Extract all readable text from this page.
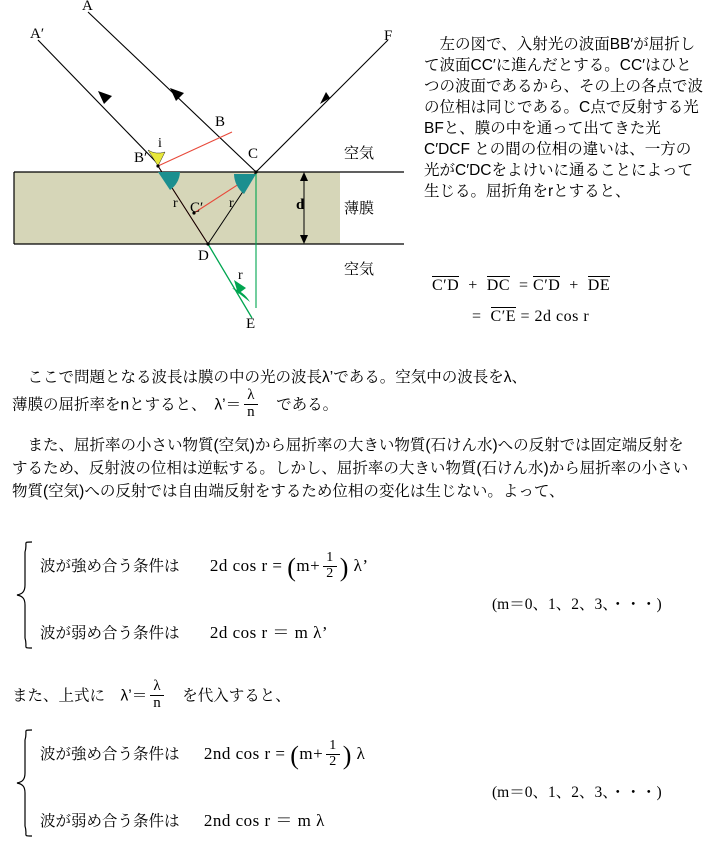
A
A′	F
B
B′	C
C′
D
E
i
r	r
r
d
空気
薄膜
空気

　左の図で、入射光の波面BB′が屈折して波面CC′に進んだとする。CC′はひとつの波面であるから、その上の各点で波の位相は同じである。C点で反射する光BFと、膜の中を通って出てきた光 C′DCF との間の位相の違いは、一方の光がC′DCをよけいに通ることによって生じる。屈折角をrとすると、

C′D  +  DC  = C′D  +  DE
=  C′E = 2d cos r
　ここで問題となる波長は膜の中の光の波長λ’である。空気中の波長をλ、
薄膜の屈折率をnとすると、　λ’＝ $\frac{\lambda}{n}$ 　である。
　また、屈折率の小さい物質(空気)から屈折率の大きい物質(石けん水)への反射では固定端反射をするため、反射波の位相は逆転する。しかし、屈折率の大きい物質(石けん水)から屈折率の小さい物質(空気)への反射では自由端反射をするため位相の変化は生じない。よって、
波が強め合う条件は 2d $\cos r = (m+ \frac{1}{2}$ ) λ’
波が弱め合う条件は 2d cos r ＝ m λ’
(m＝0、1、2、3、・・・)
また、上式に　λ’＝ $\frac{\lambda}{n}$ 　を代入すると、
波が強め合う条件は 2nd $\cos r = (m+ \frac{1}{2}$ ) λ
波が弱め合う条件は 2nd cos r ＝ m λ
(m＝0、1、2、3、・・・)
